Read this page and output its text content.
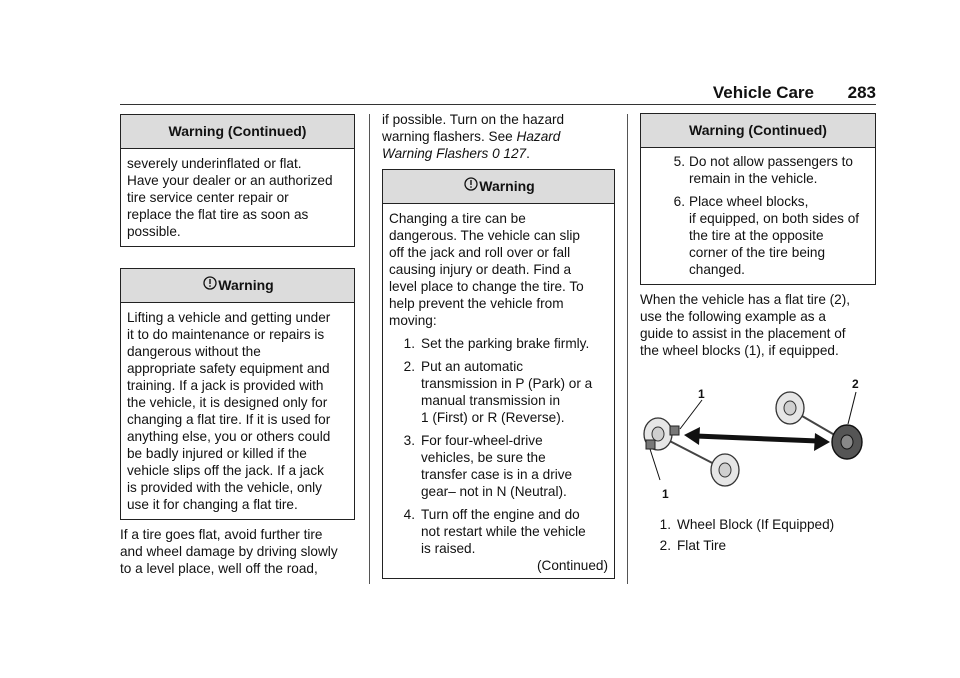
Vehicle Care 283
Warning (Continued)
severely underinflated or flat.
Have your dealer or an authorized
tire service center repair or
replace the flat tire as soon as
possible.
Warning
Lifting a vehicle and getting under
it to do maintenance or repairs is
dangerous without the
appropriate safety equipment and
training. If a jack is provided with
the vehicle, it is designed only for
changing a flat tire. If it is used for
anything else, you or others could
be badly injured or killed if the
vehicle slips off the jack. If a jack
is provided with the vehicle, only
use it for changing a flat tire.
If a tire goes flat, avoid further tire
and wheel damage by driving slowly
to a level place, well off the road,
if possible. Turn on the hazard
warning flashers. See Hazard
Warning Flashers 0 127.
Warning
Changing a tire can be
dangerous. The vehicle can slip
off the jack and roll over or fall
causing injury or death. Find a
level place to change the tire. To
help prevent the vehicle from
moving:
1. Set the parking brake firmly.
2. Put an automatic
transmission in P (Park) or a
manual transmission in
1 (First) or R (Reverse).
3. For four-wheel-drive
vehicles, be sure the
transfer case is in a drive
gear– not in N (Neutral).
4. Turn off the engine and do
not restart while the vehicle
is raised.
(Continued)
Warning (Continued)
5. Do not allow passengers to
remain in the vehicle.
6. Place wheel blocks,
if equipped, on both sides of
the tire at the opposite
corner of the tire being
changed.
When the vehicle has a flat tire (2),
use the following example as a
guide to assist in the placement of
the wheel blocks (1), if equipped.
1
2
1
1. Wheel Block (If Equipped)
2. Flat Tire
